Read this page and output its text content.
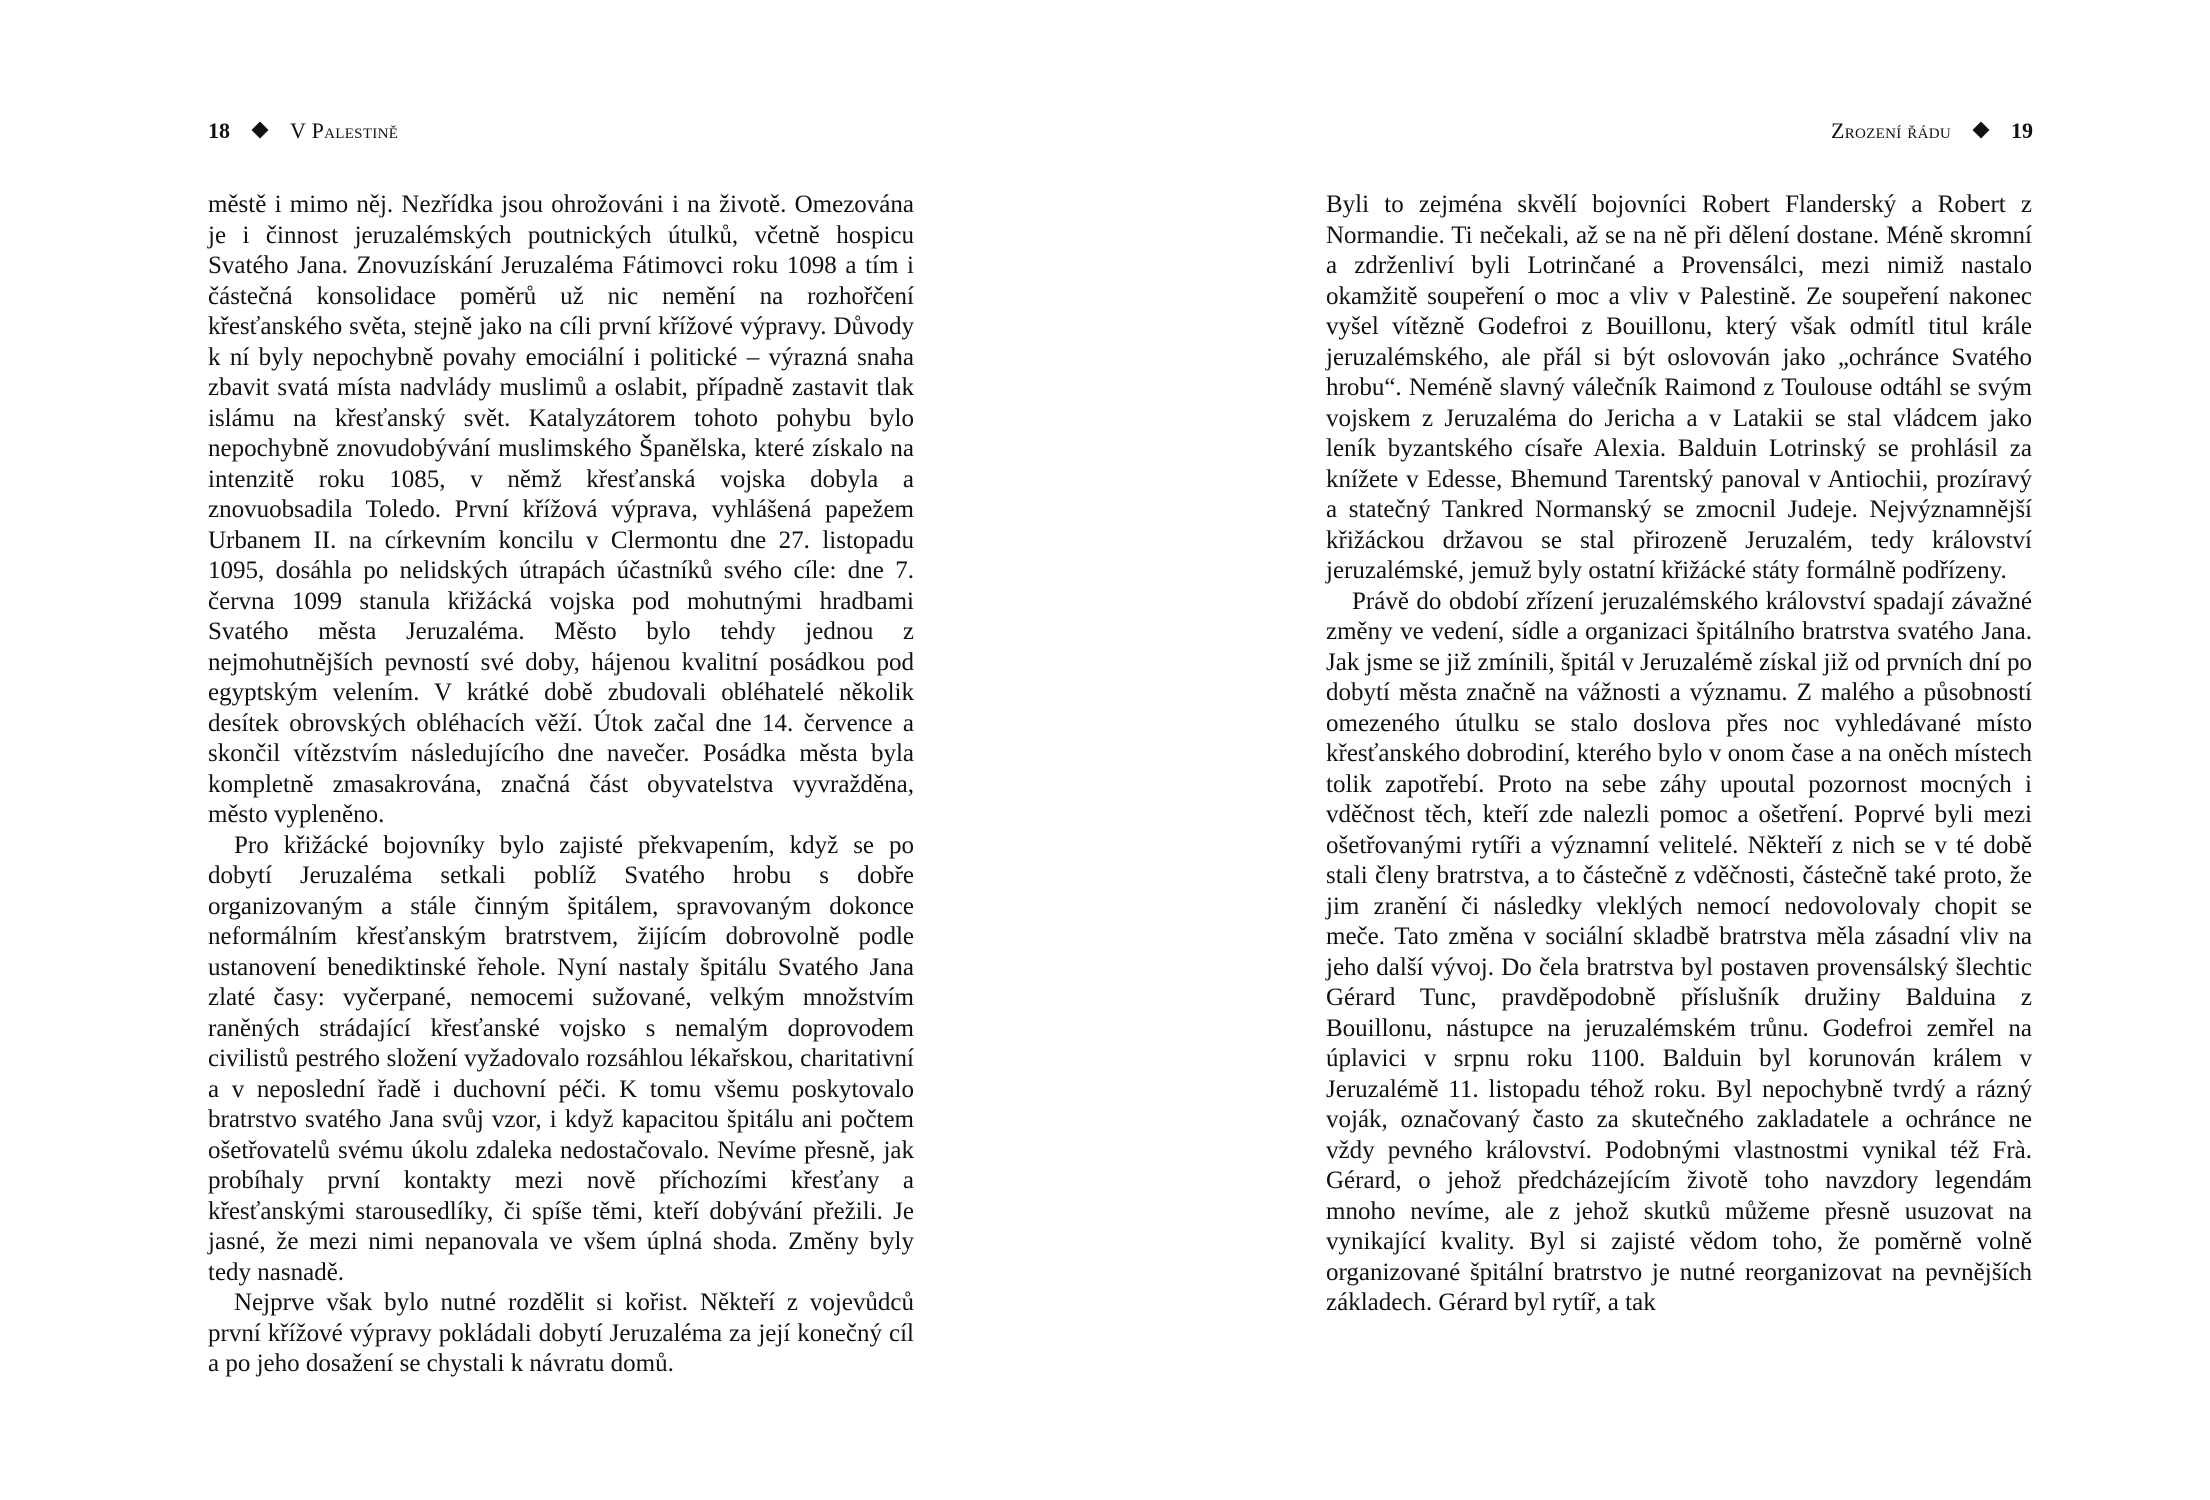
18	V Palestině

městě i mimo něj. Nezřídka jsou ohrožováni i na životě. Omezována je i činnost jeruzalémských poutnických útulků, včetně hospicu Svatého Jana. Znovuzískání Jeruzaléma Fátimovci roku 1098 a tím i částečná konsolidace poměrů už nic nemění na rozhořčení křesťanského světa, stejně jako na cíli první křížové výpravy. Důvody k ní byly nepochybně povahy emociální i politické – výrazná snaha zbavit svatá místa nadvlády muslimů a oslabit, případně zastavit tlak islámu na křesťanský svět. Katalyzátorem tohoto pohybu bylo nepochybně znovudobývání muslimského Španělska, které získalo na intenzitě roku 1085, v němž křesťanská vojska dobyla a znovuobsadila Toledo. První křížová výprava, vyhlášená papežem Urbanem II. na církevním koncilu v Clermontu dne 27. listopadu 1095, dosáhla po nelidských útrapách účastníků svého cíle: dne 7. června 1099 stanula křižácká vojska pod mohutnými hradbami Svatého města Jeruzaléma. Město bylo tehdy jednou z nejmohutnějších pevností své doby, hájenou kvalitní posádkou pod egyptským velením. V krátké době zbudovali obléhatelé několik desítek obrovských obléhacích věží. Útok začal dne 14. července a skončil vítězstvím následujícího dne navečer. Posádka města byla kompletně zmasakrována, značná část obyvatelstva vyvražděna, město vypleněno.

Pro křižácké bojovníky bylo zajisté překvapením, když se po dobytí Jeruzaléma setkali poblíž Svatého hrobu s dobře organizovaným a stále činným špitálem, spravovaným dokonce neformálním křesťanským bratrstvem, žijícím dobrovolně podle ustanovení benediktinské řehole. Nyní nastaly špitálu Svatého Jana zlaté časy: vyčerpané, nemocemi sužované, velkým množstvím raněných strádající křesťanské vojsko s nemalým doprovodem civilistů pestrého složení vyžadovalo rozsáhlou lékařskou, charitativní a v neposlední řadě i duchovní péči. K tomu všemu poskytovalo bratrstvo svatého Jana svůj vzor, i když kapacitou špitálu ani počtem ošetřovatelů svému úkolu zdaleka nedostačovalo. Nevíme přesně, jak probíhaly první kontakty mezi nově příchozími křesťany a křesťanskými starousedlíky, či spíše těmi, kteří dobývání přežili. Je jasné, že mezi nimi nepanovala ve všem úplná shoda. Změny byly tedy nasnadě.

Nejprve však bylo nutné rozdělit si kořist. Někteří z vojevůdců první křížové výpravy pokládali dobytí Jeruzaléma za její konečný cíl a po jeho dosažení se chystali k návratu domů.

Zrození řádu	19

Byli to zejména skvělí bojovníci Robert Flanderský a Robert z Normandie. Ti nečekali, až se na ně při dělení dostane. Méně skromní a zdrženliví byli Lotrinčané a Provensálci, mezi nimiž nastalo okamžitě soupeření o moc a vliv v Palestině. Ze soupeření nakonec vyšel vítězně Godefroi z Bouillonu, který však odmítl titul krále jeruzalémského, ale přál si být oslovován jako „ochránce Svatého hrobu“. Neméně slavný válečník Raimond z Toulouse odtáhl se svým vojskem z Jeruzaléma do Jericha a v Latakii se stal vládcem jako leník byzantského císaře Alexia. Balduin Lotrinský se prohlásil za knížete v Edesse, Bhemund Tarentský panoval v Antiochii, prozíravý a statečný Tankred Normanský se zmocnil Judeje. Nejvýznamnější křižáckou državou se stal přirozeně Jeruzalém, tedy království jeruzalémské, jemuž byly ostatní křižácké státy formálně podřízeny.

Právě do období zřízení jeruzalémského království spadají závažné změny ve vedení, sídle a organizaci špitálního bratrstva svatého Jana. Jak jsme se již zmínili, špitál v Jeruzalémě získal již od prvních dní po dobytí města značně na vážnosti a významu. Z malého a působností omezeného útulku se stalo doslova přes noc vyhledávané místo křesťanského dobrodiní, kterého bylo v onom čase a na oněch místech tolik zapotřebí. Proto na sebe záhy upoutal pozornost mocných i vděčnost těch, kteří zde nalezli pomoc a ošetření. Poprvé byli mezi ošetřovanými rytíři a významní velitelé. Někteří z nich se v té době stali členy bratrstva, a to částečně z vděčnosti, částečně také proto, že jim zranění či následky vleklých nemocí nedovolovaly chopit se meče. Tato změna v sociální skladbě bratrstva měla zásadní vliv na jeho další vývoj. Do čela bratrstva byl postaven provensálský šlechtic Gérard Tunc, pravděpodobně příslušník družiny Balduina z Bouillonu, nástupce na jeruzalémském trůnu. Godefroi zemřel na úplavici v srpnu roku 1100. Balduin byl korunován králem v Jeruzalémě 11. listopadu téhož roku. Byl nepochybně tvrdý a rázný voják, označovaný často za skutečného zakladatele a ochránce ne vždy pevného království. Podobnými vlastnostmi vynikal též Frà. Gérard, o jehož předcházejícím životě toho navzdory legendám mnoho nevíme, ale z jehož skutků můžeme přesně usuzovat na vynikající kvality. Byl si zajisté vědom toho, že poměrně volně organizované špitální bratrstvo je nutné reorganizovat na pevnějších základech. Gérard byl rytíř, a tak
